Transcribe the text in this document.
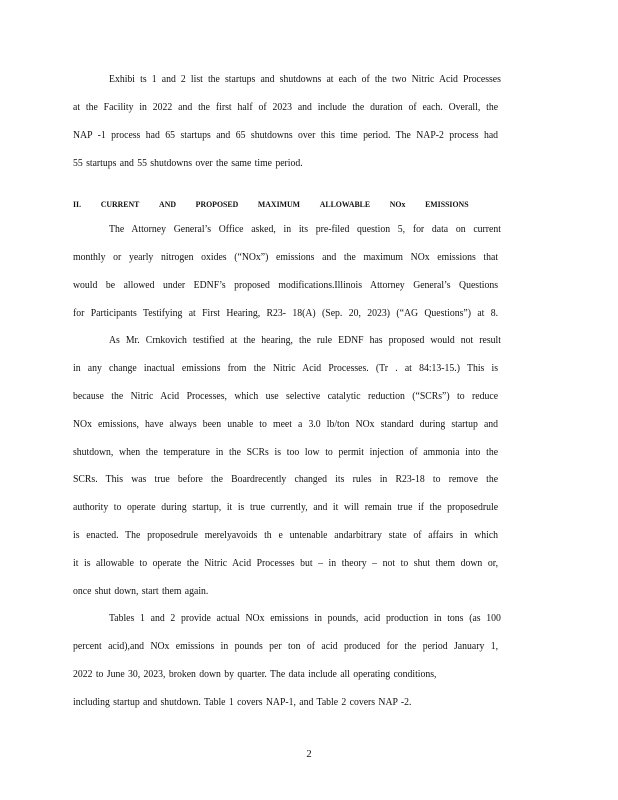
Exhibi ts 1 and 2 list the startups and shutdowns at each of the two Nitric Acid Processes
at the Facility in 2022 and the first half of 2023 and include the duration of each. Overall, the
NAP -1 process had 65 startups and 65 shutdowns over this time period. The NAP-2 process had
55 startups and 55 shutdowns over the same time period.
II. CURRENT AND PROPOSED MAXIMUM ALLOWABLE NOx EMISSIONS
The Attorney General’s Office asked, in its pre-filed question 5, for data on current
monthly or yearly nitrogen oxides (“NOx”) emissions and the maximum NOx emissions that
would be allowed under EDNF’s proposed modifications.Illinois Attorney General’s Questions
for Participants Testifying at First Hearing, R23- 18(A) (Sep. 20, 2023) (“AG Questions”) at 8.
As Mr. Crnkovich testified at the hearing, the rule EDNF has proposed would not result
in any change inactual emissions from the Nitric Acid Processes. (Tr . at 84:13-15.) This is
because the Nitric Acid Processes, which use selective catalytic reduction (“SCRs”) to reduce
NOx emissions, have always been unable to meet a 3.0 lb/ton NOx standard during startup and
shutdown, when the temperature in the SCRs is too low to permit injection of ammonia into the
SCRs. This was true before the Boardrecently changed its rules in R23-18 to remove the
authority to operate during startup, it is true currently, and it will remain true if the proposedrule
is enacted. The proposedrule merelyavoids th e untenable andarbitrary state of affairs in which
it is allowable to operate the Nitric Acid Processes but – in theory – not to shut them down or,
once shut down, start them again.
Tables 1 and 2 provide actual NOx emissions in pounds, acid production in tons (as 100
percent acid),and NOx emissions in pounds per ton of acid produced for the period January 1,
2022 to June 30, 2023, broken down by quarter. The data include all operating conditions,
including startup and shutdown. Table 1 covers NAP-1, and Table 2 covers NAP -2.
2
